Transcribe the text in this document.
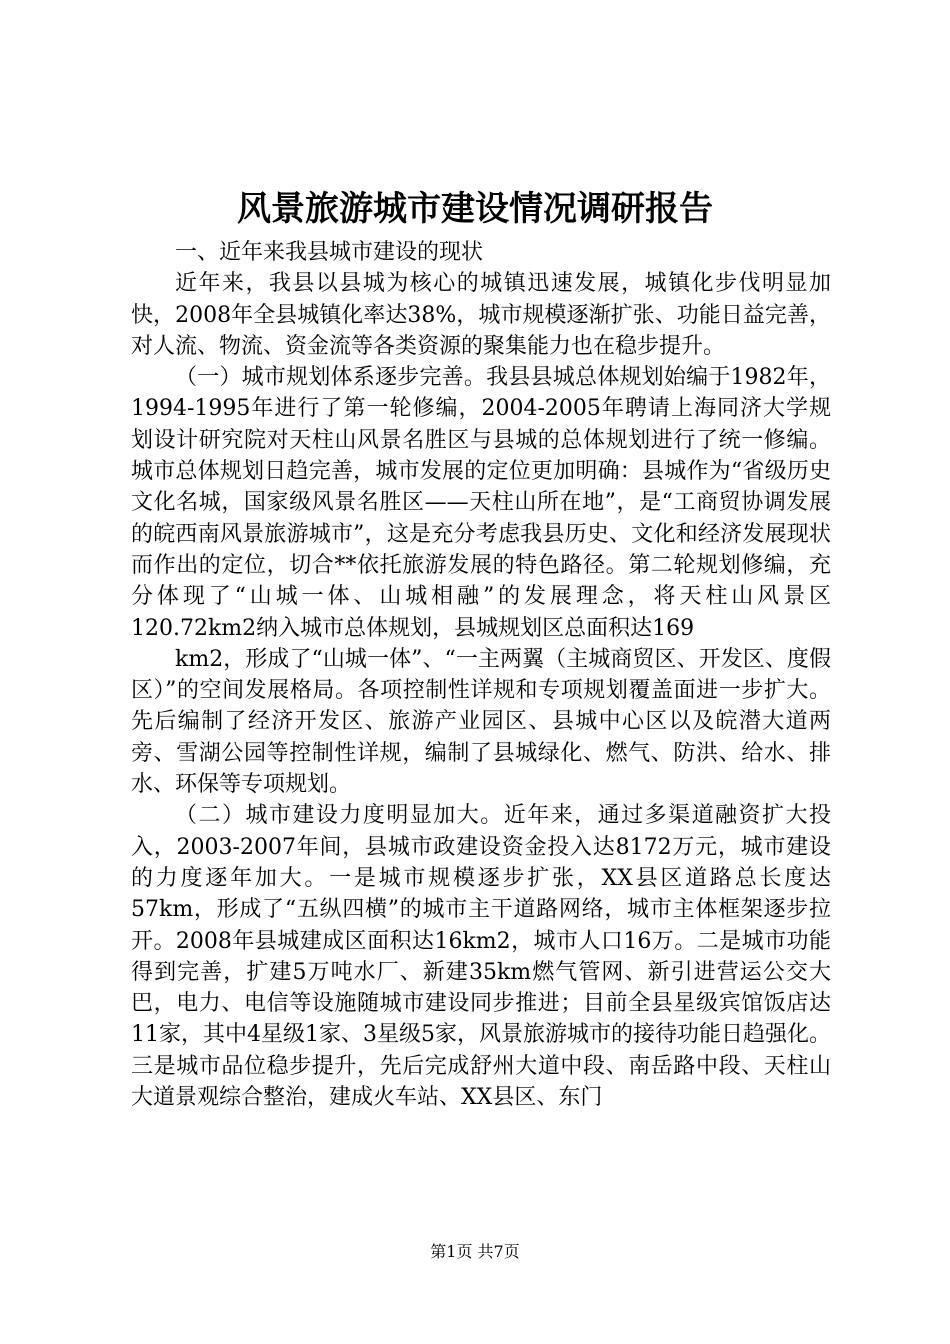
风景旅游城市建设情况调研报告

一、近年来我县城市建设的现状

近年来，我县以县城为核心的城镇迅速发展，城镇化步伐明显加快，2008年全县城镇化率达38%，城市规模逐渐扩张、功能日益完善，对人流、物流、资金流等各类资源的聚集能力也在稳步提升。

（一）城市规划体系逐步完善。我县县城总体规划始编于1982年，1994-1995年进行了第一轮修编，2004-2005年聘请上海同济大学规划设计研究院对天柱山风景名胜区与县城的总体规划进行了统一修编。城市总体规划日趋完善，城市发展的定位更加明确：县城作为“省级历史文化名城，国家级风景名胜区——天柱山所在地”，是“工商贸协调发展的皖西南风景旅游城市”，这是充分考虑我县历史、文化和经济发展现状而作出的定位，切合**依托旅游发展的特色路径。第二轮规划修编，充分体现了“山城一体、山城相融”的发展理念，将天柱山风景区120.72km2纳入城市总体规划，县城规划区总面积达169

km2，形成了“山城一体”、“一主两翼（主城商贸区、开发区、度假区）”的空间发展格局。各项控制性详规和专项规划覆盖面进一步扩大。先后编制了经济开发区、旅游产业园区、县城中心区以及皖潜大道两旁、雪湖公园等控制性详规，编制了县城绿化、燃气、防洪、给水、排水、环保等专项规划。

（二）城市建设力度明显加大。近年来，通过多渠道融资扩大投入，2003-2007年间，县城市政建设资金投入达8172万元，城市建设的力度逐年加大。一是城市规模逐步扩张，XX县区道路总长度达57km，形成了“五纵四横”的城市主干道路网络，城市主体框架逐步拉开。2008年县城建成区面积达16km2，城市人口16万。二是城市功能得到完善，扩建5万吨水厂、新建35km燃气管网、新引进营运公交大巴，电力、电信等设施随城市建设同步推进；目前全县星级宾馆饭店达11家，其中4星级1家、3星级5家，风景旅游城市的接待功能日趋强化。三是城市品位稳步提升，先后完成舒州大道中段、南岳路中段、天柱山大道景观综合整治，建成火车站、XX县区、东门

第1页 共7页
